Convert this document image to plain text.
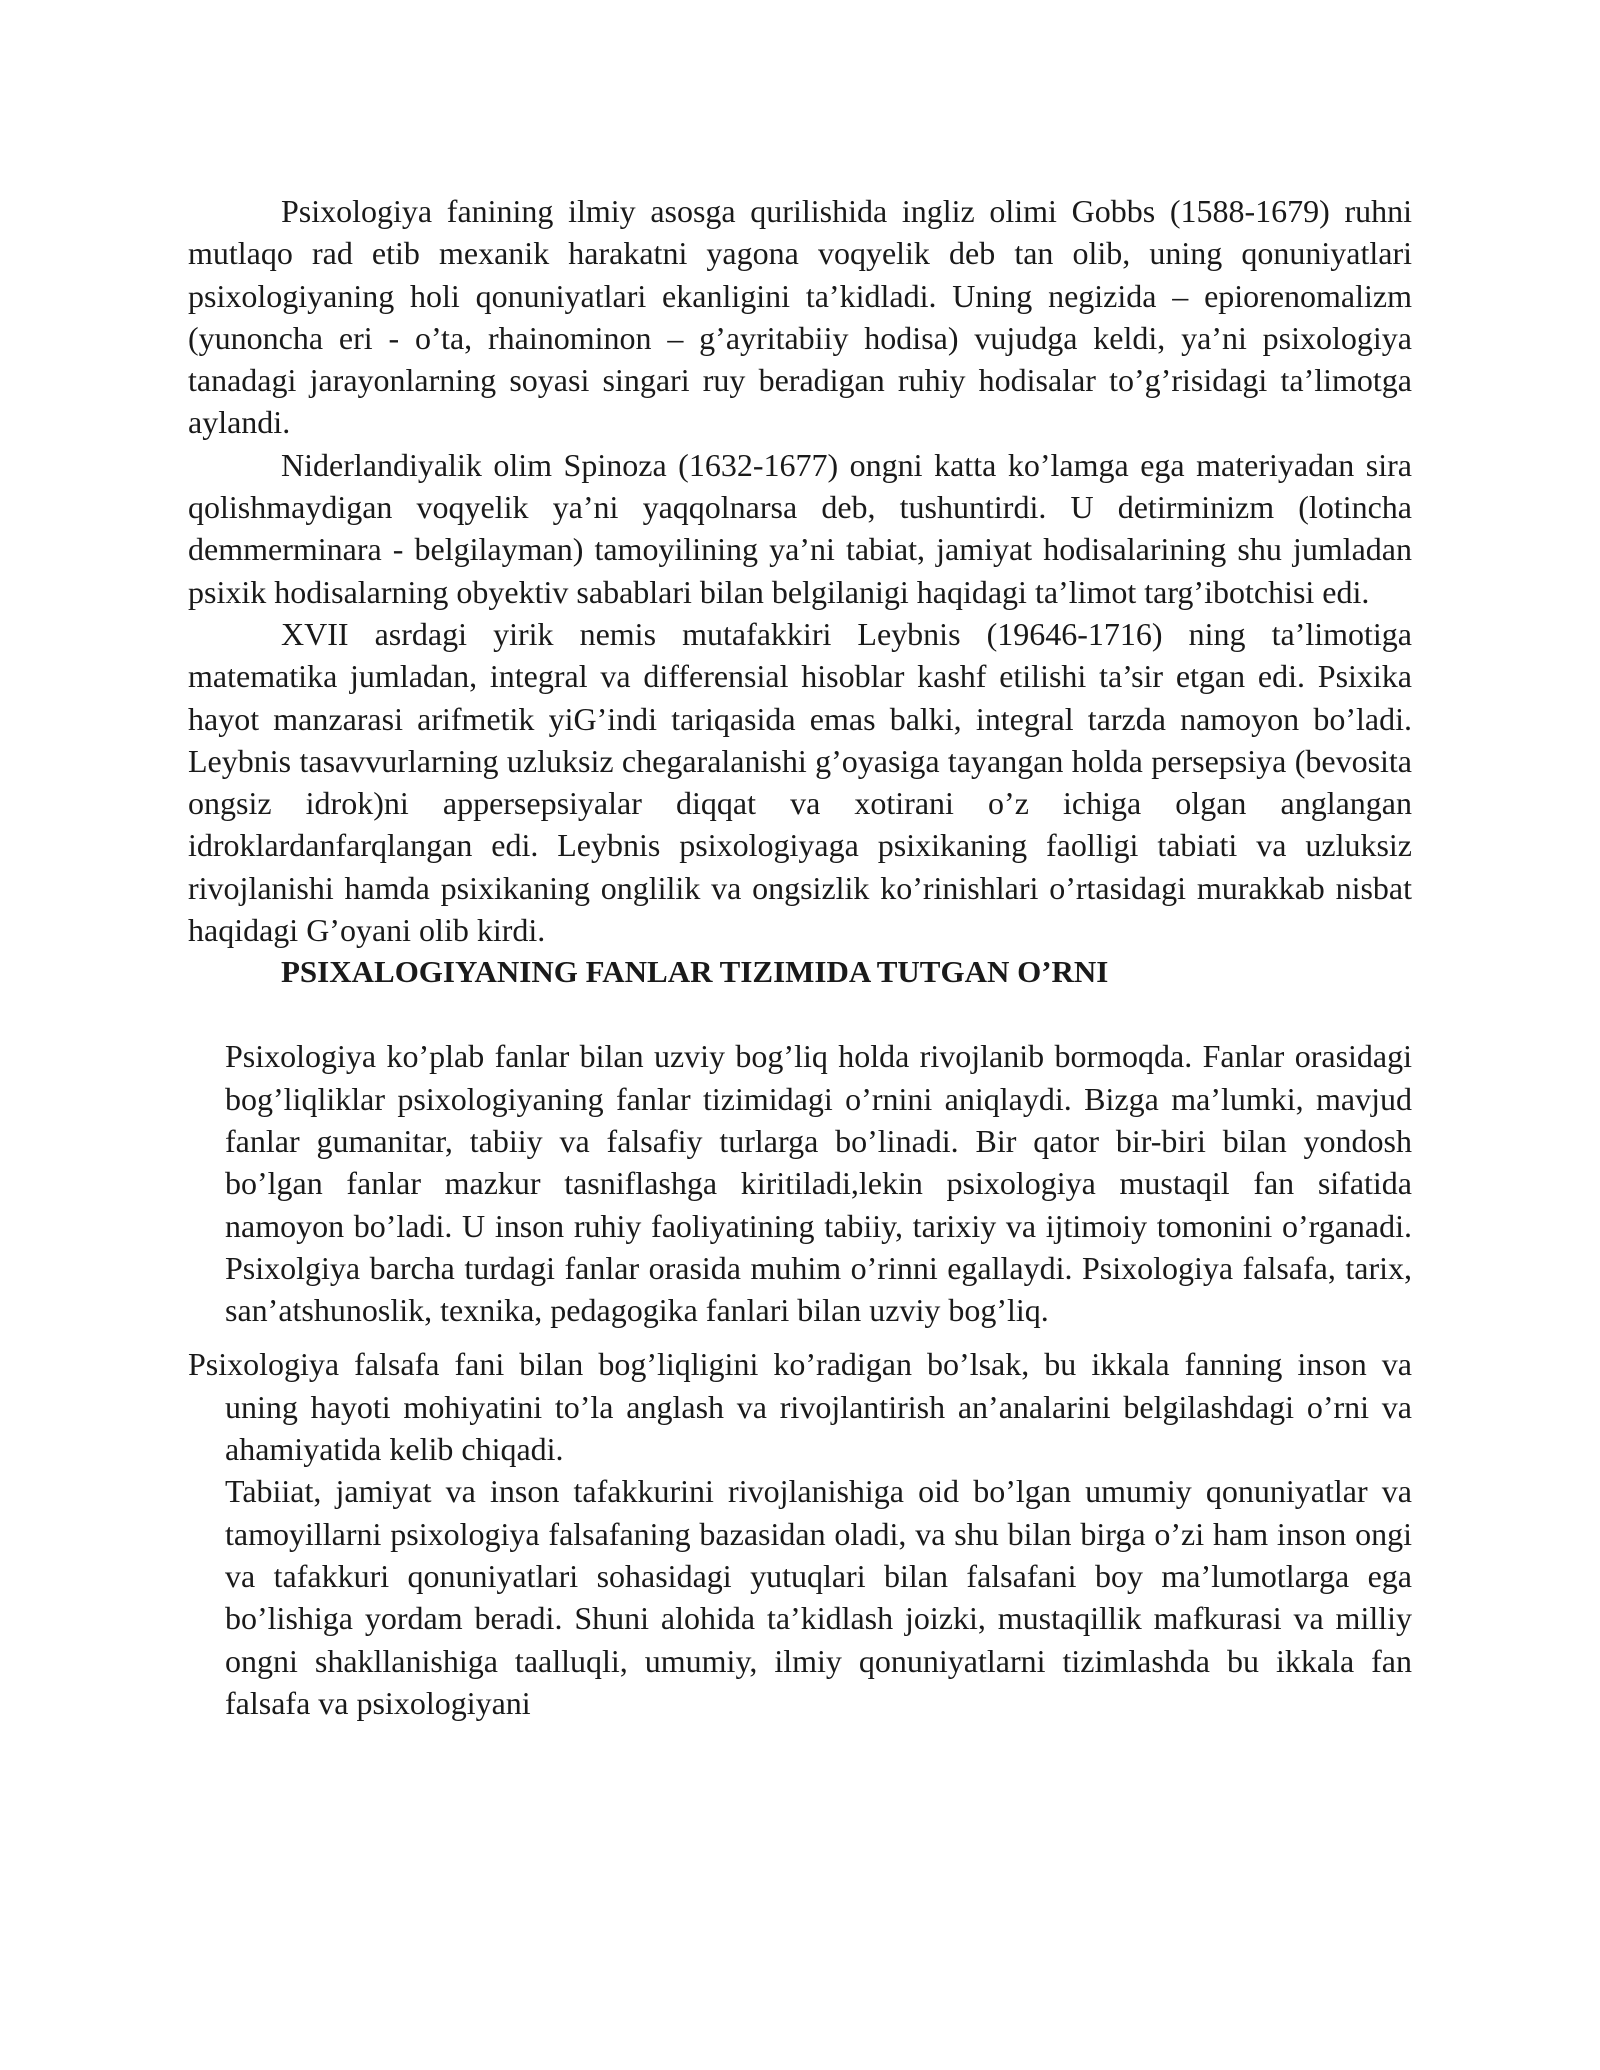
Psixologiya fanining ilmiy asosga qurilishida ingliz olimi Gobbs (1588-1679) ruhni mutlaqo rad etib mexanik harakatni yagona voqyelik deb tan olib, uning qonuniyatlari psixologiyaning holi qonuniyatlari ekanligini ta’kidladi. Uning negizida – epiorenomalizm (yunoncha eri - o’ta, rhainominon – g’ayritabiiy hodisa) vujudga keldi, ya’ni psixologiya tanadagi jarayonlarning soyasi singari ruy beradigan ruhiy hodisalar to’g’risidagi ta’limotga aylandi.

Niderlandiyalik olim Spinoza (1632-1677) ongni katta ko’lamga ega materiyadan sira qolishmaydigan voqyelik ya’ni yaqqolnarsa deb, tushuntirdi. U detirminizm (lotincha demmerminara - belgilayman) tamoyilining ya’ni tabiat, jamiyat hodisalarining shu jumladan psixik hodisalarning obyektiv sabablari bilan belgilanigi haqidagi ta’limot targ’ibotchisi edi.

XVII asrdagi yirik nemis mutafakkiri Leybnis (19646-1716) ning ta’limotiga matematika jumladan, integral va differensial hisoblar kashf etilishi ta’sir etgan edi. Psixika hayot manzarasi arifmetik yiG’indi tariqasida emas balki, integral tarzda namoyon bo’ladi. Leybnis tasavvurlarning uzluksiz chegaralanishi g’oyasiga tayangan holda persepsiya (bevosita ongsiz idrok)ni appersepsiyalar diqqat va xotirani o’z ichiga olgan anglangan idroklardanfarqlangan edi. Leybnis psixologiyaga psixikaning faolligi tabiati va uzluksiz rivojlanishi hamda psixikaning onglilik va ongsizlik ko’rinishlari o’rtasidagi murakkab nisbat haqidagi G’oyani olib kirdi.

PSIXALOGIYANING FANLAR TIZIMIDA TUTGAN O’RNI

Psixologiya ko’plab fanlar bilan uzviy bog’liq holda rivojlanib bormoqda. Fanlar orasidagi bog’liqliklar psixologiyaning fanlar tizimidagi o’rnini aniqlaydi. Bizga ma’lumki, mavjud fanlar gumanitar, tabiiy va falsafiy turlarga bo’linadi. Bir qator bir-biri bilan yondosh bo’lgan fanlar mazkur tasniflashga kiritiladi,lekin psixologiya mustaqil fan sifatida namoyon bo’ladi. U inson ruhiy faoliyatining tabiiy, tarixiy va ijtimoiy tomonini o’rganadi. Psixolgiya barcha turdagi fanlar orasida muhim o’rinni egallaydi. Psixologiya falsafa, tarix, san’atshunoslik, texnika, pedagogika fanlari bilan uzviy bog’liq.

Psixologiya falsafa fani bilan bog’liqligini ko’radigan bo’lsak, bu ikkala fanning inson va uning hayoti mohiyatini to’la anglash va rivojlantirish an’analarini belgilashdagi o’rni va ahamiyatida kelib chiqadi.

Tabiiat, jamiyat va inson tafakkurini rivojlanishiga oid bo’lgan umumiy qonuniyatlar va tamoyillarni psixologiya falsafaning bazasidan oladi, va shu bilan birga o’zi ham inson ongi va tafakkuri qonuniyatlari sohasidagi yutuqlari bilan falsafani boy ma’lumotlarga ega bo’lishiga yordam beradi. Shuni alohida ta’kidlash joizki, mustaqillik mafkurasi va milliy ongni shakllanishiga taalluqli, umumiy, ilmiy qonuniyatlarni tizimlashda bu ikkala fan falsafa va psixologiyani
